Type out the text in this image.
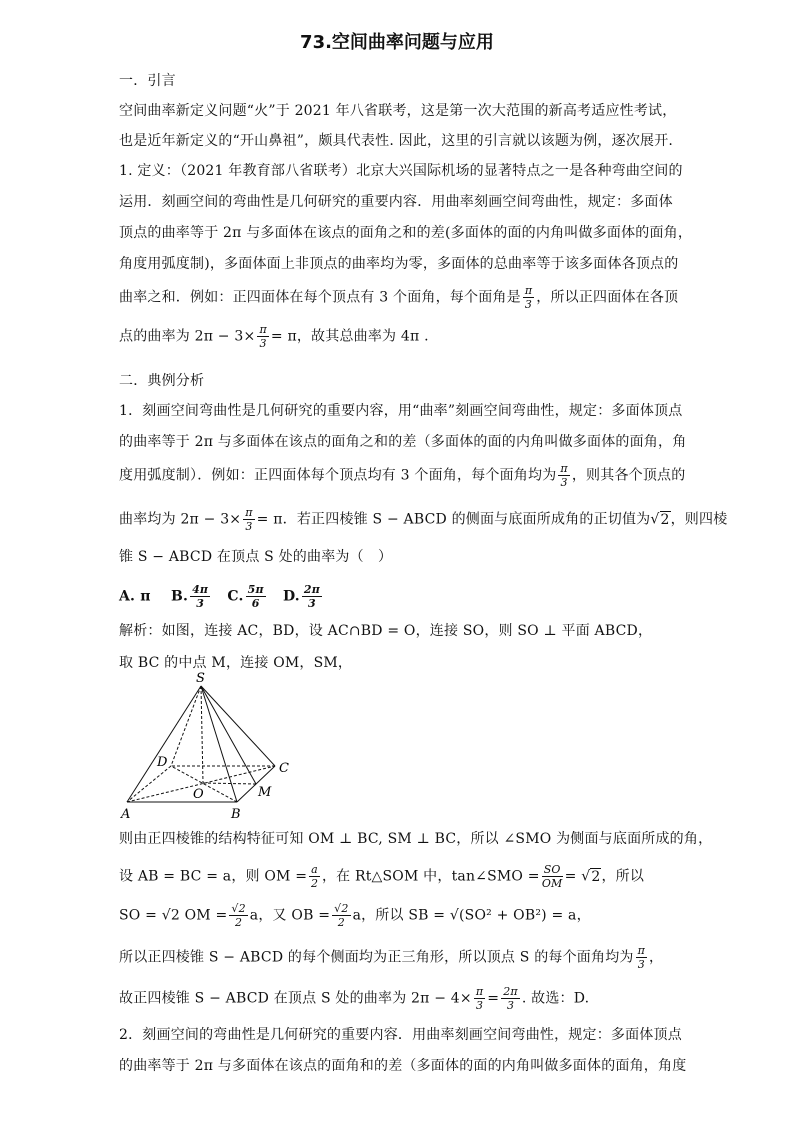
73.空间曲率问题与应用
一．引言
空间曲率新定义问题“火”于 2021 年八省联考，这是第一次大范围的新高考适应性考试，
也是近年新定义的“开山鼻祖”，颇具代表性. 因此，这里的引言就以该题为例，逐次展开.
1. 定义：（2021 年教育部八省联考）北京大兴国际机场的显著特点之一是各种弯曲空间的
运用．刻画空间的弯曲性是几何研究的重要内容．用曲率刻画空间弯曲性，规定：多面体
顶点的曲率等于 2π 与多面体在该点的面角之和的差(多面体的面的内角叫做多面体的面角，
角度用弧度制)，多面体面上非顶点的曲率均为零，多面体的总曲率等于该多面体各顶点的
曲率之和．例如：正四面体在每个顶点有 3 个面角，每个面角是 $\frac{\pi}{3}$ ，所以正四面体在各顶
点的曲率为 $2\pi - 3\times \frac{\pi}{3} = \pi$，故其总曲率为 4π .
二．典例分析
1．刻画空间弯曲性是几何研究的重要内容，用“曲率”刻画空间弯曲性，规定：多面体顶点
的曲率等于 2π 与多面体在该点的面角之和的差（多面体的面的内角叫做多面体的面角，角
度用弧度制）．例如：正四面体每个顶点均有 3 个面角，每个面角均为 $\frac{\pi}{3}$ ，则其各个顶点的
曲率均为 $2\pi - 3\times \frac{\pi}{3} = \pi$．若正四棱锥 S − ABCD 的侧面与底面所成角的正切值为√2，则四棱
锥 S − ABCD 在顶点 S 处的曲率为（　）
A. π B. $\frac{4\pi}{3} C$. $\frac{5\pi}{6} D$. $\frac{2\pi}{3}$
解析：如图，连接 AC，BD，设 AC∩BD = O，连接 SO，则 SO ⊥ 平面 ABCD，
取 BC 的中点 M，连接 OM，SM，
S
D	C
O	M
A	B
则由正四棱锥的结构特征可知 OM ⊥ BC, SM ⊥ BC，所以 ∠SMO 为侧面与底面所成的角，
设 AB = BC = a，则 OM = $\frac{a}{2}$ ，在 Rt△SOM 中，tan∠SMO = $\frac{SO}{OM} = √2$，所以
SO = √2 OM = $\frac{√2}{2}$ a，又 OB = $\frac{√2}{2}$ a，所以 SB = √(SO² + OB²) = a，
所以正四棱锥 S − ABCD 的每个侧面均为正三角形，所以顶点 S 的每个面角均为 $\frac{\pi}{3}$ ，
故正四棱锥 S − ABCD 在顶点 S 处的曲率为 $2\pi - 4\times \frac{\pi}{3} = \frac{2\pi}{3}$ . 故选：D.
2．刻画空间的弯曲性是几何研究的重要内容．用曲率刻画空间弯曲性，规定：多面体顶点
的曲率等于 2π 与多面体在该点的面角和的差（多面体的面的内角叫做多面体的面角，角度
